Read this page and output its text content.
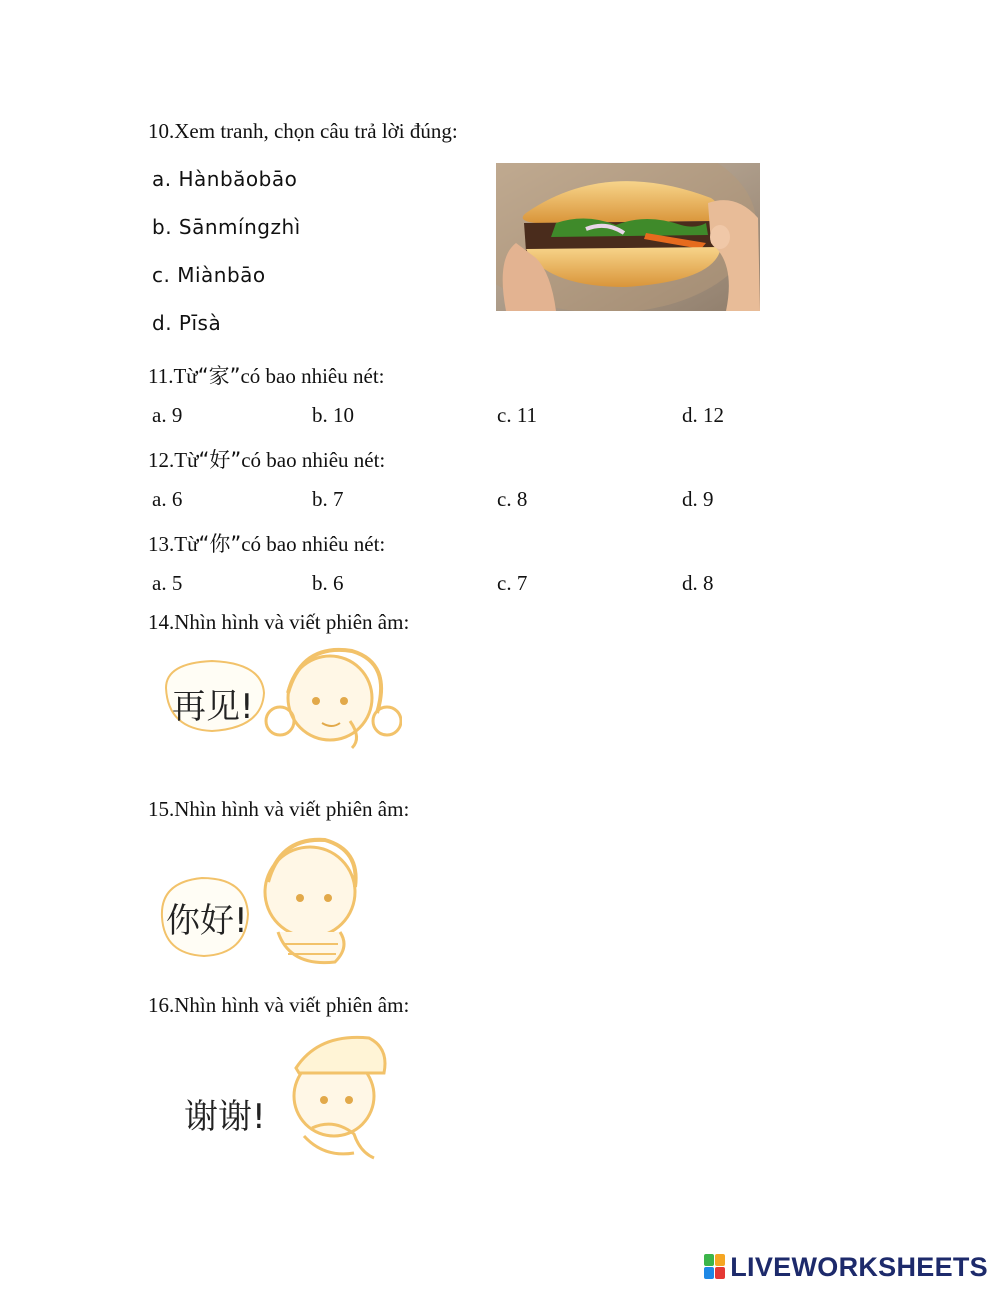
10.Xem tranh, chọn câu trả lời đúng:
a. Hànbăobāo
b. Sānmíngzhì
c. Miànbāo
d. Pīsà
11.Từ“家”có bao nhiêu nét:
a. 9	b. 10	c. 11	d. 12
12.Từ“好”có bao nhiêu nét:
a. 6	b. 7	c. 8	d. 9
13.Từ“你”có bao nhiêu nét:
a. 5	b. 6	c. 7	d. 8
14.Nhìn hình và viết phiên âm:
再见!
15.Nhìn hình và viết phiên âm:
你好!
16.Nhìn hình và viết phiên âm:
谢谢!
LIVEWORKSHEETS
